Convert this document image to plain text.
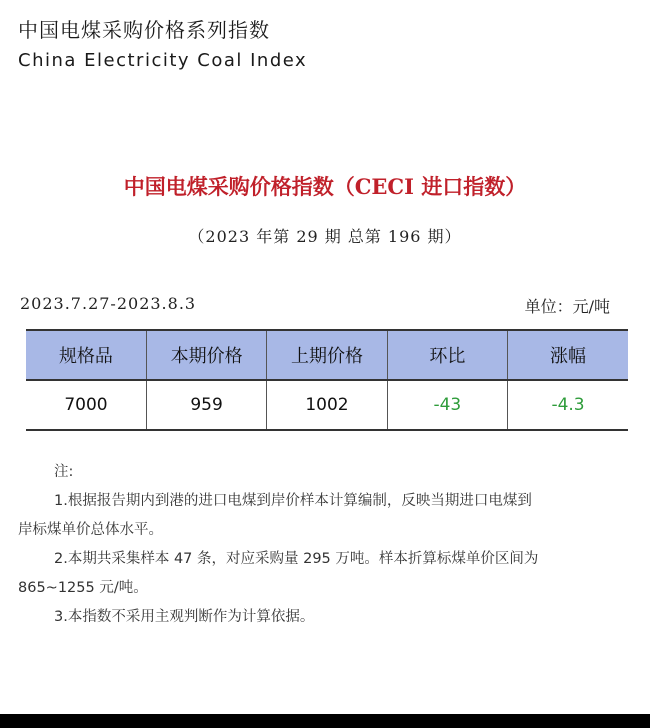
中国电煤采购价格系列指数
China Electricity Coal Index
中国电煤采购价格指数（CECI 进口指数）
（2023 年第 29 期 总第 196 期）
2023.7.27-2023.8.3	单位：元/吨
规格品	本期价格	上期价格	环比	涨幅
7000	959	1002	-43	-4.3

注:

1.根据报告期内到港的进口电煤到岸价样本计算编制，反映当期进口电煤到

岸标煤单价总体水平。

2.本期共采集样本 47 条，对应采购量 295 万吨。样本折算标煤单价区间为

865~1255 元/吨。

3.本指数不采用主观判断作为计算依据。
